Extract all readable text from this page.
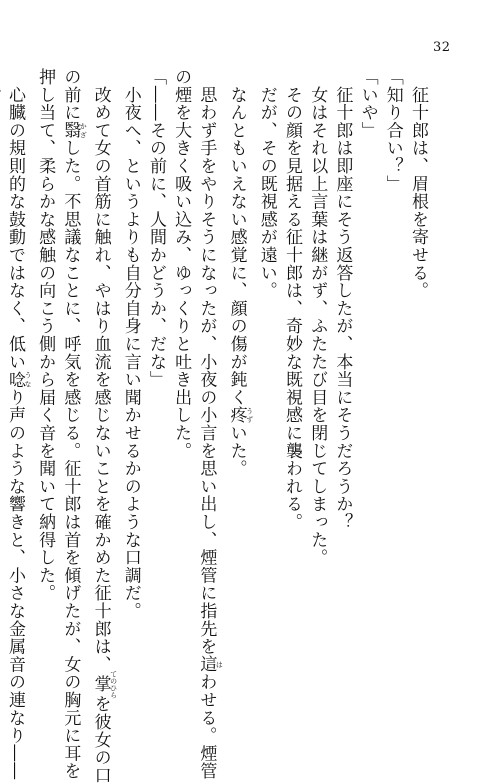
32
　征十郎は、眉根を寄せる。
「知り合い？」
「いや」
　征十郎は即座にそう返答したが、本当にそうだろうか？
　女はそれ以上言葉は継がず、ふたたび目を閉じてしまった。
　その顔を見据える征十郎は、奇妙な既視感に襲われる。
　だが、その既視感が遠い。
　なんともいえない感覚に、顔の傷が鈍く疼 うずいた。
　思わず手をやりそうになったが、小夜の小言を思い出し、煙管に指先を這 はわせる。煙管
の煙を大きく吸い込み、ゆっくりと吐き出した。
「――その前に、人間かどうか、だな」
　小夜へ、というよりも自分自身に言い聞かせるかのような口調だ。
　改めて女の首筋に触れ、やはり血流を感じないことを確かめた征十郎は、掌 てのひらを彼女の口
の前に翳 かざした。不思議なことに、呼気を感じる。征十郎は首を傾げたが、女の胸元に耳を
押し当て、柔らかな感触の向こう側から届く音を聞いて納得した。
　心臓の規則的な鼓動ではなく、低い唸 うなり声のような響きと、小さな金属音の連なり――
